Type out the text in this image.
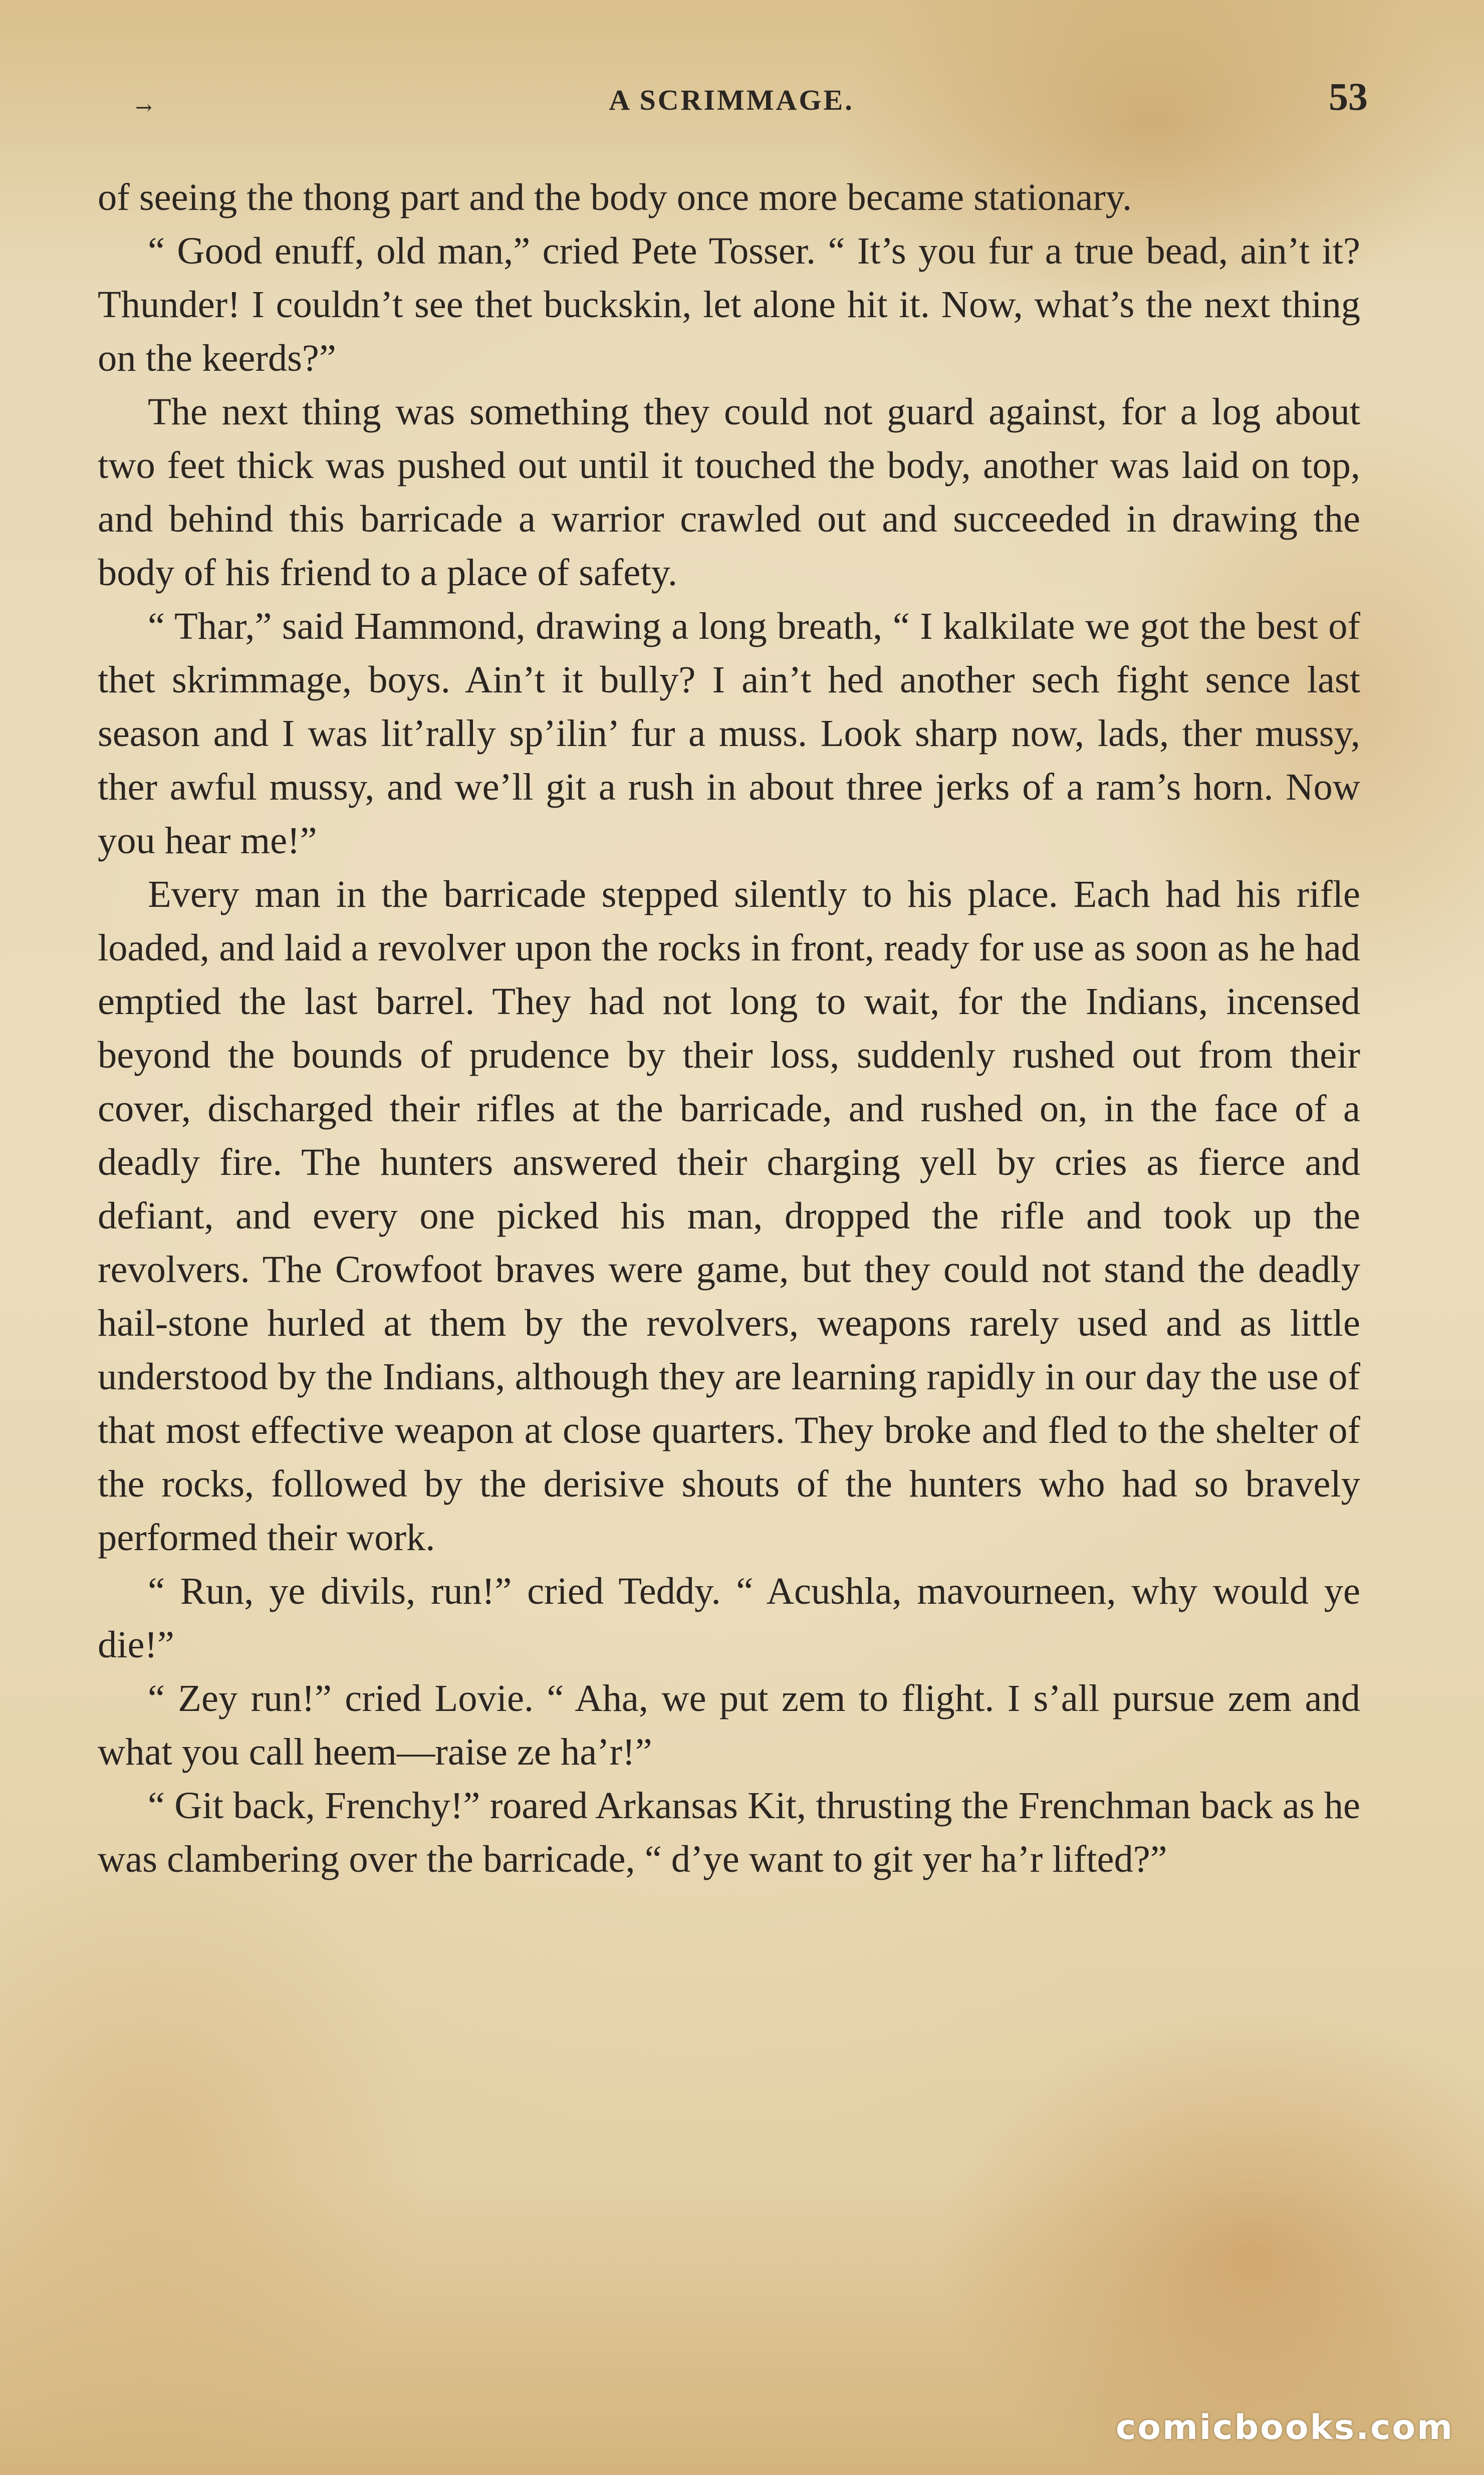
→	A SCRIMMAGE.	53

of seeing the thong part and the body once more became stationary.

“ Good enuff, old man,” cried Pete Tosser. “ It’s you fur a true bead, ain’t it? Thunder! I couldn’t see thet buckskin, let alone hit it. Now, what’s the next thing on the keerds?”

The next thing was something they could not guard against, for a log about two feet thick was pushed out until it touched the body, another was laid on top, and behind this barricade a warrior crawled out and succeeded in drawing the body of his friend to a place of safety.

“ Thar,” said Hammond, drawing a long breath, “ I kalkilate we got the best of thet skrimmage, boys. Ain’t it bully? I ain’t hed another sech fight sence last season and I was lit’rally sp’ilin’ fur a muss. Look sharp now, lads, ther mussy, ther awful mussy, and we’ll git a rush in about three jerks of a ram’s horn. Now you hear me!”

Every man in the barricade stepped silently to his place. Each had his rifle loaded, and laid a revolver upon the rocks in front, ready for use as soon as he had emptied the last barrel. They had not long to wait, for the Indians, incensed beyond the bounds of prudence by their loss, suddenly rushed out from their cover, discharged their rifles at the barricade, and rushed on, in the face of a deadly fire. The hunters answered their charging yell by cries as fierce and defiant, and every one picked his man, dropped the rifle and took up the revolvers. The Crowfoot braves were game, but they could not stand the deadly hail-stone hurled at them by the revolvers, weapons rarely used and as little understood by the Indians, although they are learning rapidly in our day the use of that most effective weapon at close quarters. They broke and fled to the shelter of the rocks, followed by the derisive shouts of the hunters who had so bravely performed their work.

“ Run, ye divils, run!” cried Teddy. “ Acushla, mavourneen, why would ye die!”

“ Zey run!” cried Lovie. “ Aha, we put zem to flight. I s’all pursue zem and what you call heem—raise ze ha’r!”

“ Git back, Frenchy!” roared Arkansas Kit, thrusting the Frenchman back as he was clambering over the barricade, “ d’ye want to git yer ha’r lifted?”

comicbooks.com
